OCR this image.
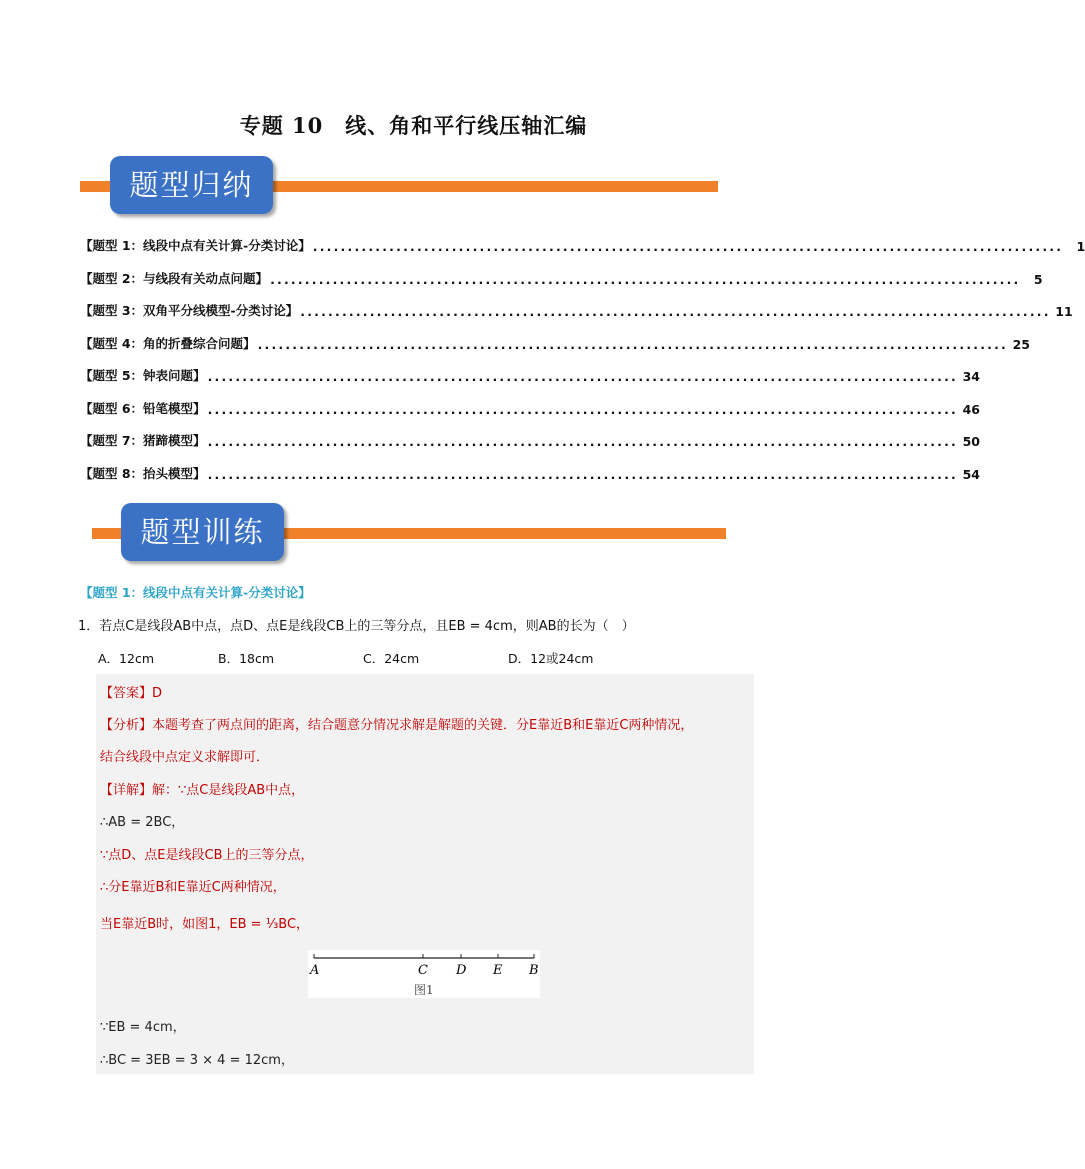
专题 10　线、角和平行线压轴汇编
题型归纳
【题型 1：线段中点有关计算-分类讨论】 ............................................................................................................	1
【题型 2：与线段有关动点问题】 ............................................................................................................	5
【题型 3：双角平分线模型-分类讨论】 ............................................................................................................ 11
【题型 4：角的折叠综合问题】 ............................................................................................................ 25
【题型 5：钟表问题】 ............................................................................................................ 34
【题型 6：铅笔模型】 ............................................................................................................ 46
【题型 7：猪蹄模型】 ............................................................................................................ 50
【题型 8：抬头模型】 ............................................................................................................ 54
题型训练
【题型 1：线段中点有关计算-分类讨论】
1．若点C是线段AB中点，点D、点E是线段CB上的三等分点，且EB = 4cm，则AB的长为（　）
A．12cm	B．18cm	C．24cm	D．12或24cm
【答案】D
【分析】本题考查了两点间的距离，结合题意分情况求解是解题的关键．分E靠近B和E靠近C两种情况，
结合线段中点定义求解即可．
【详解】解：∵点C是线段AB中点，
∴AB = 2BC，
∵点D、点E是线段CB上的三等分点，
∴分E靠近B和E靠近C两种情况，
当E靠近B时，如图1，EB = ⅓BC，
A	C D E B
图1
∵EB = 4cm，
∴BC = 3EB = 3 × 4 = 12cm，
